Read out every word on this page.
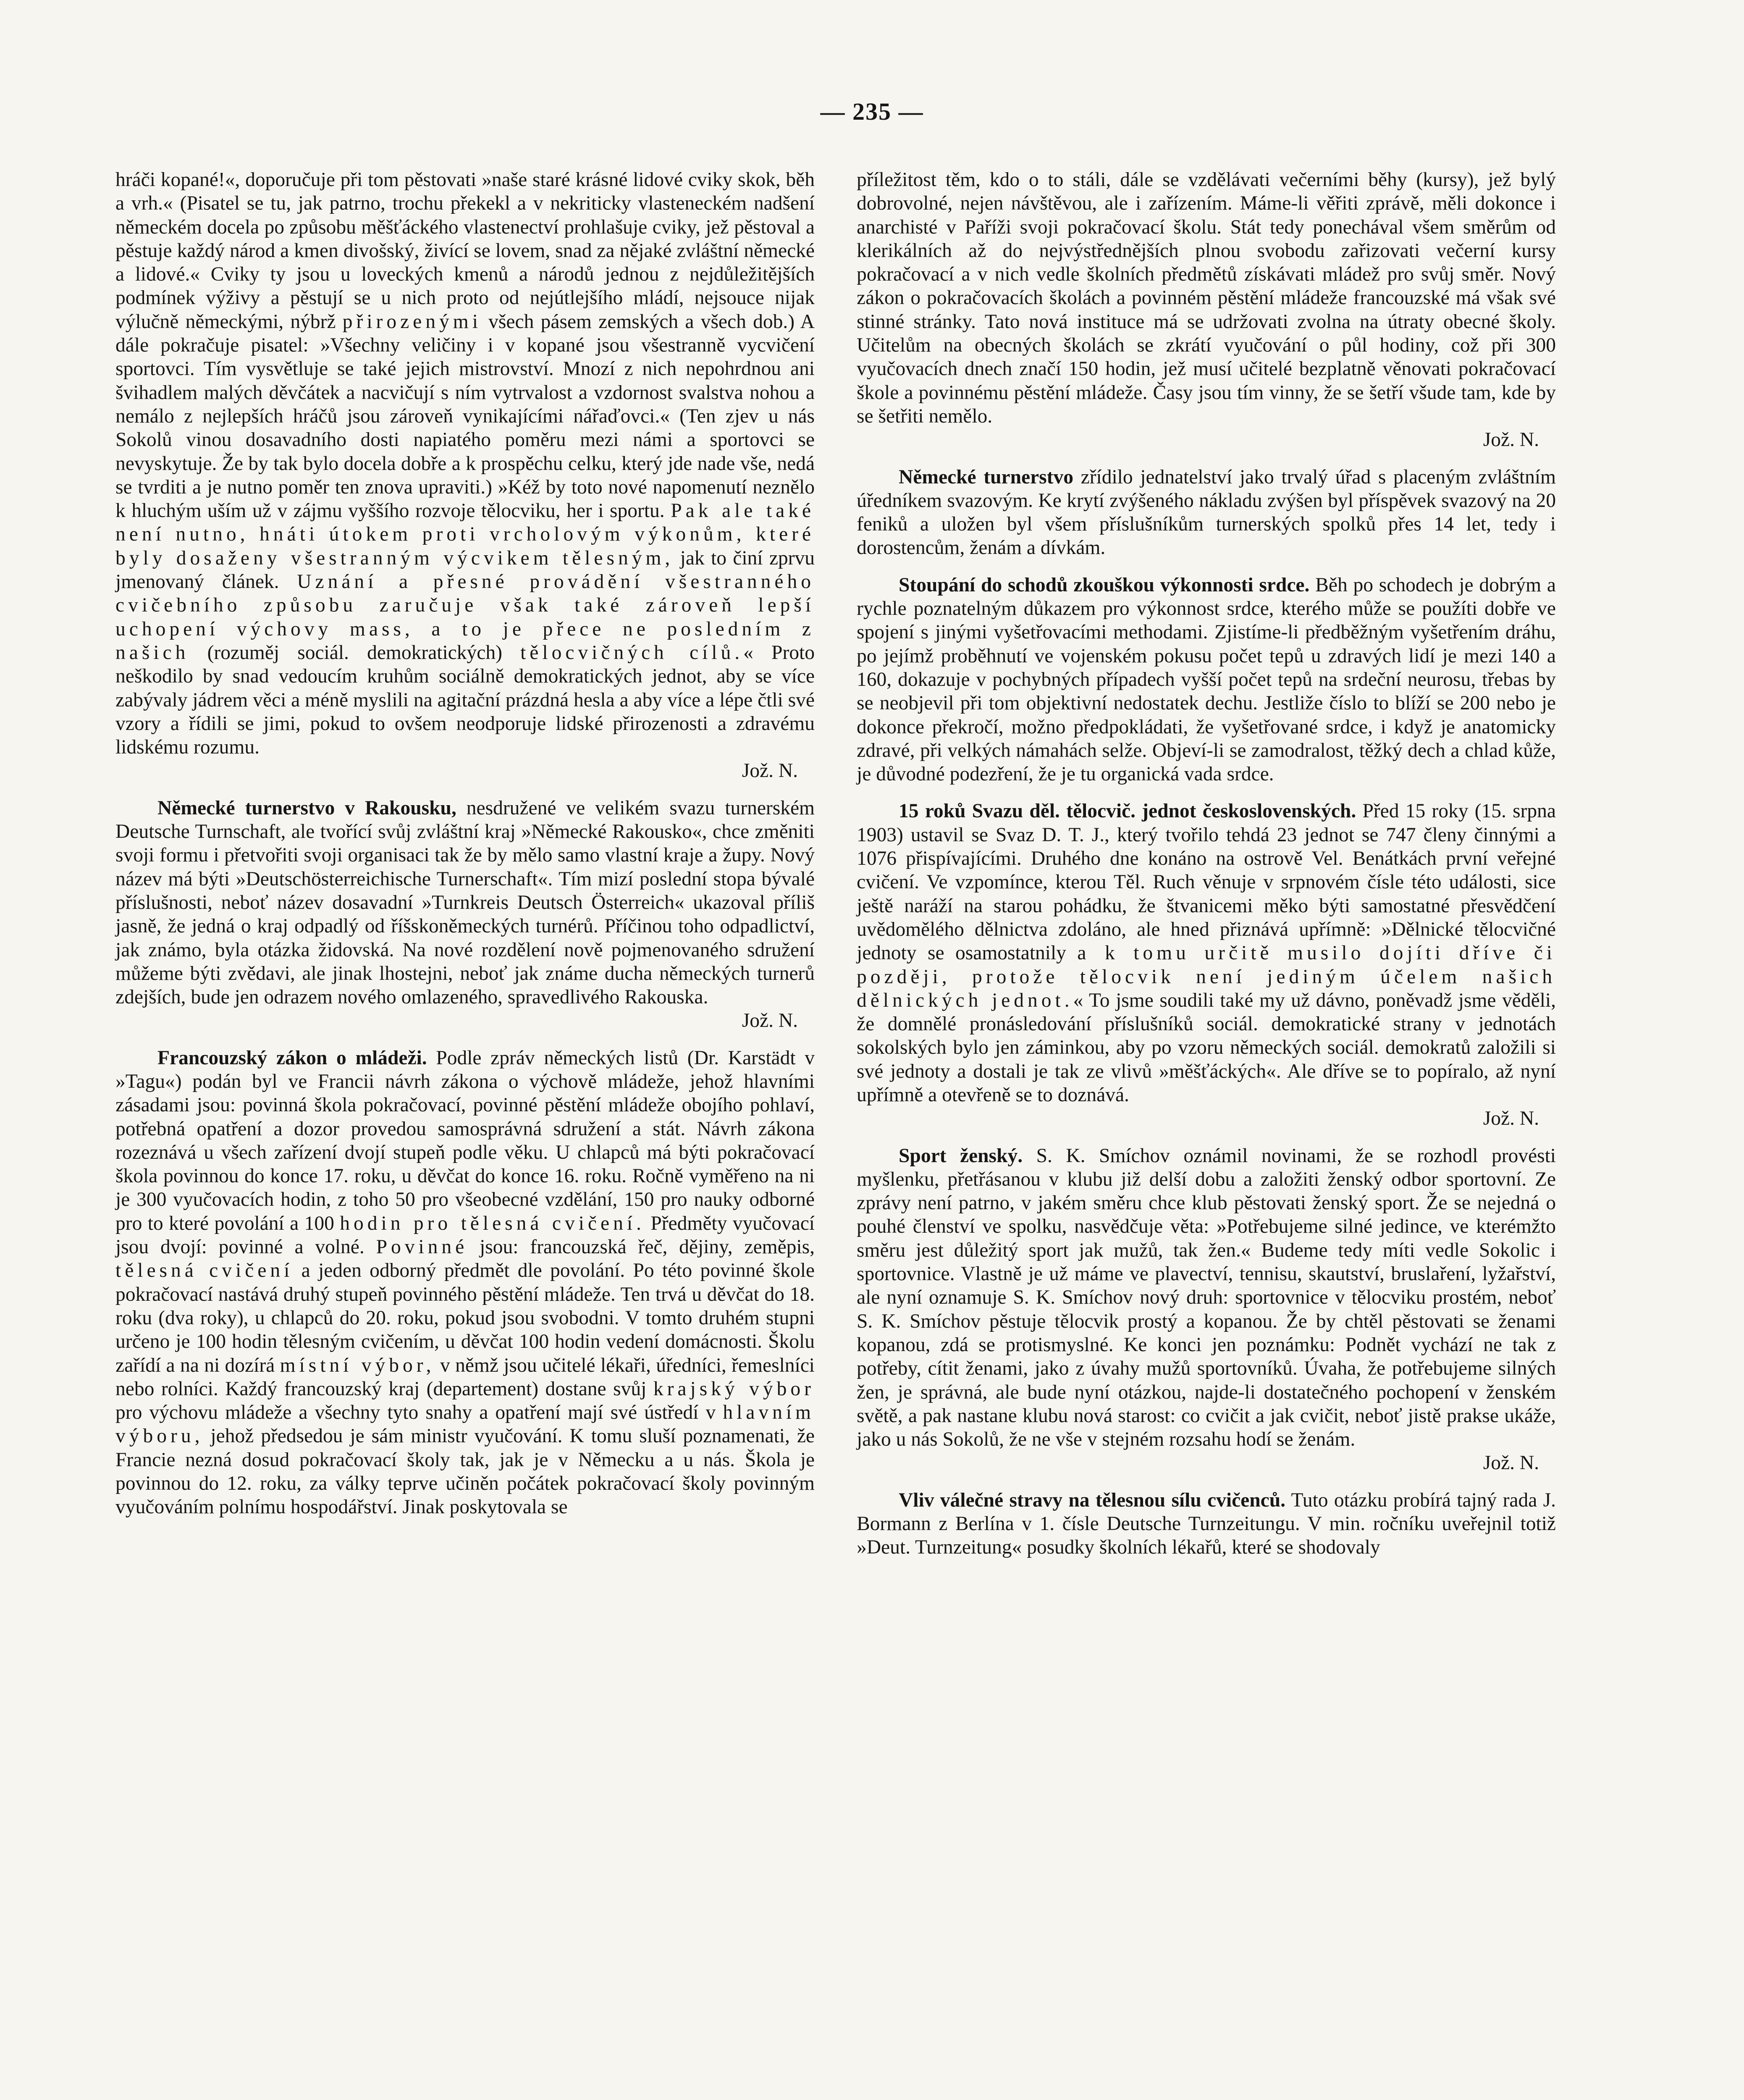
— 235 —

hráči kopané!«, doporučuje při tom pěstovati »naše staré krásné lidové cviky skok, běh a vrh.« (Pisatel se tu, jak patrno, trochu překekl a v nekriticky vlasteneckém nadšení německém docela po způsobu měšťáckého vlastenectví prohlašuje cviky, jež pěstoval a pěstuje každý národ a kmen divošský, živící se lovem, snad za nějaké zvláštní německé a lidové.« Cviky ty jsou u loveckých kmenů a národů jednou z nejdůležitějších podmínek výživy a pěstují se u nich proto od nejútlejšího mládí, nejsouce nijak výlučně německými, nýbrž přirozenými všech pásem zemských a všech dob.) A dále pokračuje pisatel: »Všechny veličiny i v kopané jsou všestranně vycvičení sportovci. Tím vysvětluje se také jejich mistrovství. Mnozí z nich nepohrdnou ani švihadlem malých děvčátek a nacvičují s ním vytrvalost a vzdornost svalstva nohou a nemálo z nejlepších hráčů jsou zároveň vynikajícími nářaďovci.« (Ten zjev u nás Sokolů vinou dosavadního dosti napiatého poměru mezi námi a sportovci se nevyskytuje. Že by tak bylo docela dobře a k prospěchu celku, který jde nade vše, nedá se tvrditi a je nutno poměr ten znova upraviti.) »Kéž by toto nové napomenutí neznělo k hluchým uším už v zájmu vyššího rozvoje tělocviku, her i sportu. Pak ale také není nutno, hnáti útokem proti vrcholovým výkonům, které byly dosaženy všestranným výcvikem tělesným, jak to činí zprvu jmenovaný článek. Uznání a přesné provádění všestranného cvičebního způsobu zaručuje však také zároveň lepší uchopení výchovy mass, a to je přece ne posledním z našich (rozuměj sociál. demokratických) tělocvičných cílů.« Proto neškodilo by snad vedoucím kruhům sociálně demokratických jednot, aby se více zabývaly jádrem věci a méně myslili na agitační prázdná hesla a aby více a lépe čtli své vzory a řídili se jimi, pokud to ovšem neodporuje lidské přirozenosti a zdravému lidskému rozumu.

Jož. N.

Německé turnerstvo v Rakousku, nesdružené ve velikém svazu turnerském Deutsche Turnschaft, ale tvořící svůj zvláštní kraj »Německé Rakousko«, chce změniti svoji formu i přetvořiti svoji organisaci tak že by mělo samo vlastní kraje a župy. Nový název má býti »Deutschösterreichische Turnerschaft«. Tím mizí poslední stopa bývalé příslušnosti, neboť název dosavadní »Turnkreis Deutsch Österreich« ukazoval příliš jasně, že jedná o kraj odpadlý od říšskoněmeckých turnérů. Příčinou toho odpadlictví, jak známo, byla otázka židovská. Na nové rozdělení nově pojmenovaného sdružení můžeme býti zvědavi, ale jinak lhostejni, neboť jak známe ducha německých turnerů zdejších, bude jen odrazem nového omlazeného, spravedlivého Rakouska.

Jož. N.

Francouzský zákon o mládeži. Podle zpráv německých listů (Dr. Karstädt v »Tagu«) podán byl ve Francii návrh zákona o výchově mládeže, jehož hlavními zásadami jsou: povinná škola pokračovací, povinné pěstění mládeže obojího pohlaví, potřebná opatření a dozor provedou samosprávná sdružení a stát. Návrh zákona rozeznává u všech zařízení dvojí stupeň podle věku. U chlapců má býti pokračovací škola povinnou do konce 17. roku, u děvčat do konce 16. roku. Ročně vyměřeno na ni je 300 vyučovacích hodin, z toho 50 pro všeobecné vzdělání, 150 pro nauky odborné pro to které povolání a 100 hodin pro tělesná cvičení. Předměty vyučovací jsou dvojí: povinné a volné. Povinné jsou: francouzská řeč, dějiny, zeměpis, tělesná cvičení a jeden odborný předmět dle povolání. Po této povinné škole pokračovací nastává druhý stupeň povinného pěstění mládeže. Ten trvá u děvčat do 18. roku (dva roky), u chlapců do 20. roku, pokud jsou svobodni. V tomto druhém stupni určeno je 100 hodin tělesným cvičením, u děvčat 100 hodin vedení domácnosti. Školu zařídí a na ni dozírá místní výbor, v němž jsou učitelé lékaři, úředníci, řemeslníci nebo rolníci. Každý francouzský kraj (departement) dostane svůj krajský výbor pro výchovu mládeže a všechny tyto snahy a opatření mají své ústředí v hlavním výboru, jehož předsedou je sám ministr vyučování. K tomu sluší poznamenati, že Francie nezná dosud pokračovací školy tak, jak je v Německu a u nás. Škola je povinnou do 12. roku, za války teprve učiněn počátek pokračovací školy povinným vyučováním polnímu hospodářství. Jinak poskytovala se

příležitost těm, kdo o to stáli, dále se vzdělávati večerními běhy (kursy), jež bylý dobrovolné, nejen návštěvou, ale i zařízením. Máme-li věřiti zprávě, měli dokonce i anarchisté v Paříži svoji pokračovací školu. Stát tedy ponechával všem směrům od klerikálních až do nejvýstřednějších plnou svobodu zařizovati večerní kursy pokračovací a v nich vedle školních předmětů získávati mládež pro svůj směr. Nový zákon o pokračovacích školách a povinném pěstění mládeže francouzské má však své stinné stránky. Tato nová instituce má se udržovati zvolna na útraty obecné školy. Učitelům na obecných školách se zkrátí vyučování o půl hodiny, což při 300 vyučovacích dnech značí 150 hodin, jež musí učitelé bezplatně věnovati pokračovací škole a povinnému pěstění mládeže. Časy jsou tím vinny, že se šetří všude tam, kde by se šetřiti nemělo.

Jož. N.

Německé turnerstvo zřídilo jednatelství jako trvalý úřad s placeným zvláštním úředníkem svazovým. Ke krytí zvýšeného nákladu zvýšen byl příspěvek svazový na 20 feniků a uložen byl všem příslušníkům turnerských spolků přes 14 let, tedy i dorostencům, ženám a dívkám.

Stoupání do schodů zkouškou výkonnosti srdce. Běh po schodech je dobrým a rychle poznatelným důkazem pro výkonnost srdce, kterého může se použíti dobře ve spojení s jinými vyšetřovacími methodami. Zjistíme-li předběžným vyšetřením dráhu, po jejímž proběhnutí ve vojenském pokusu počet tepů u zdravých lidí je mezi 140 a 160, dokazuje v pochybných případech vyšší počet tepů na srdeční neurosu, třebas by se neobjevil při tom objektivní nedostatek dechu. Jestliže číslo to blíží se 200 nebo je dokonce překročí, možno předpokládati, že vyšetřované srdce, i když je anatomicky zdravé, při velkých námahách selže. Objeví-li se zamodralost, těžký dech a chlad kůže, je důvodné podezření, že je tu organická vada srdce.

15 roků Svazu děl. tělocvič. jednot československých. Před 15 roky (15. srpna 1903) ustavil se Svaz D. T. J., který tvořilo tehdá 23 jednot se 747 členy činnými a 1076 přispívajícími. Druhého dne konáno na ostrově Vel. Benátkách první veřejné cvičení. Ve vzpomínce, kterou Těl. Ruch věnuje v srpnovém čísle této události, sice ještě naráží na starou pohádku, že štvanicemi měko býti samostatné přesvědčení uvědomělého dělnictva zdoláno, ale hned přiznává upřímně: »Dělnické tělocvičné jednoty se osamostatnily a k tomu určitě musilo dojíti dříve či později, protože tělocvik není jediným účelem našich dělnických jednot.« To jsme soudili také my už dávno, poněvadž jsme věděli, že domnělé pronásledování příslušníků sociál. demokratické strany v jednotách sokolských bylo jen záminkou, aby po vzoru německých sociál. demokratů založili si své jednoty a dostali je tak ze vlivů »měšťáckých«. Ale dříve se to popíralo, až nyní upřímně a otevřeně se to doznává.

Jož. N.

Sport ženský. S. K. Smíchov oznámil novinami, že se rozhodl provésti myšlenku, přetřásanou v klubu již delší dobu a založiti ženský odbor sportovní. Ze zprávy není patrno, v jakém směru chce klub pěstovati ženský sport. Že se nejedná o pouhé členství ve spolku, nasvědčuje věta: »Potřebujeme silné jedince, ve kterémžto směru jest důležitý sport jak mužů, tak žen.« Budeme tedy míti vedle Sokolic i sportovnice. Vlastně je už máme ve plavectví, tennisu, skautství, bruslaření, lyžařství, ale nyní oznamuje S. K. Smíchov nový druh: sportovnice v tělocviku prostém, neboť S. K. Smíchov pěstuje tělocvik prostý a kopanou. Že by chtěl pěstovati se ženami kopanou, zdá se protismyslné. Ke konci jen poznámku: Podnět vychází ne tak z potřeby, cítit ženami, jako z úvahy mužů sportovníků. Úvaha, že potřebujeme silných žen, je správná, ale bude nyní otázkou, najde-li dostatečného pochopení v ženském světě, a pak nastane klubu nová starost: co cvičit a jak cvičit, neboť jistě prakse ukáže, jako u nás Sokolů, že ne vše v stejném rozsahu hodí se ženám.

Jož. N.

Vliv válečné stravy na tělesnou sílu cvičenců. Tuto otázku probírá tajný rada J. Bormann z Berlína v 1. čísle Deutsche Turnzeitungu. V min. ročníku uveřejnil totiž »Deut. Turnzeitung« posudky školních lékařů, které se shodovaly
